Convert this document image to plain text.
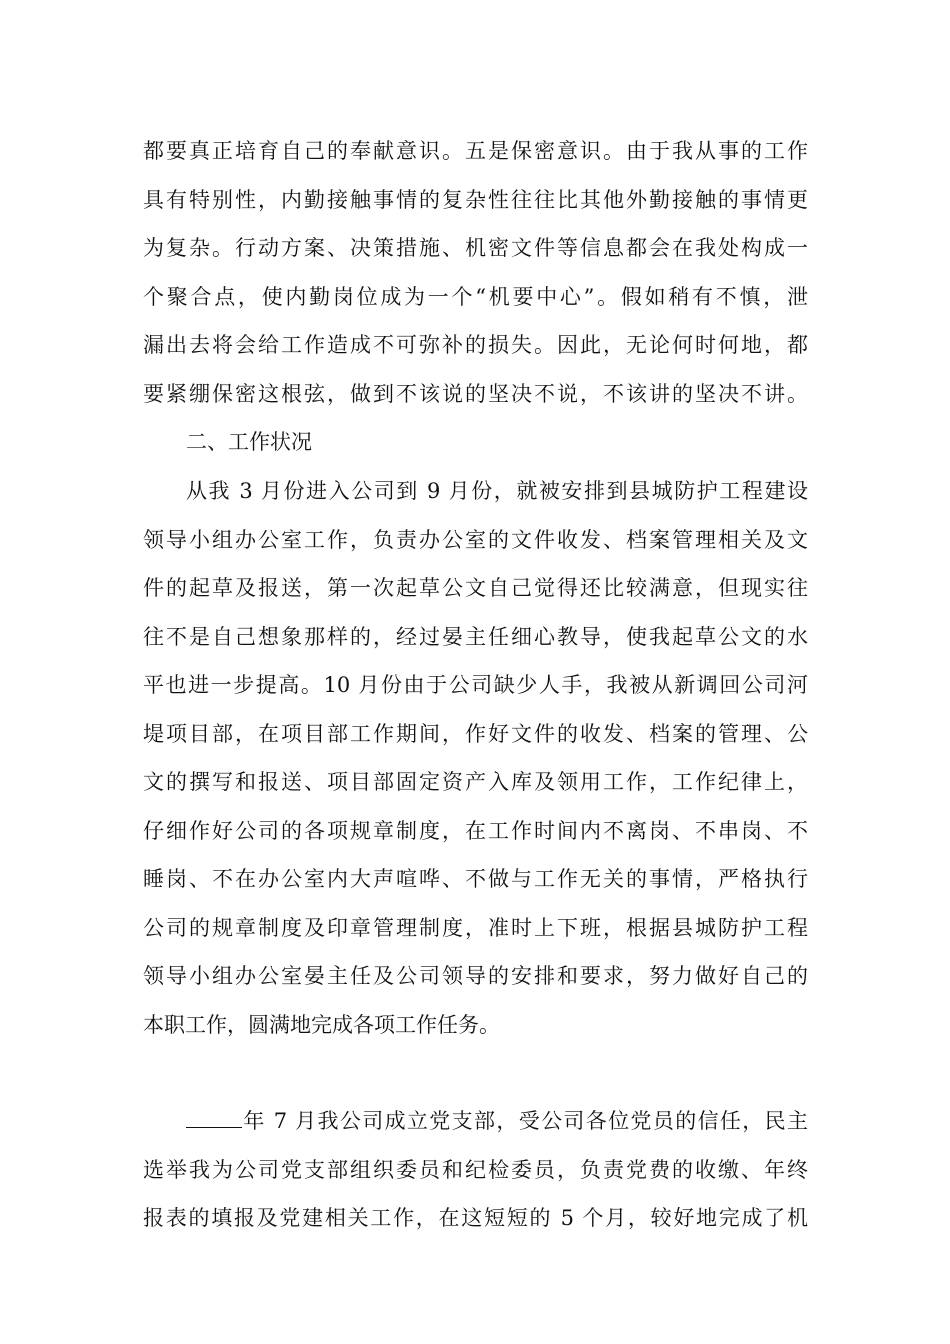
都要真正培育自己的奉献意识。五是保密意识。由于我从事的工作
具有特别性，内勤接触事情的复杂性往往比其他外勤接触的事情更
为复杂。行动方案、决策措施、机密文件等信息都会在我处构成一
个聚合点，使内勤岗位成为一个“机要中心”。假如稍有不慎，泄
漏出去将会给工作造成不可弥补的损失。因此，无论何时何地，都
要紧绷保密这根弦，做到不该说的坚决不说，不该讲的坚决不讲。
二、工作状况
从我 3 月份进入公司到 9 月份，就被安排到县城防护工程建设
领导小组办公室工作，负责办公室的文件收发、档案管理相关及文
件的起草及报送，第一次起草公文自己觉得还比较满意，但现实往
往不是自己想象那样的，经过晏主任细心教导，使我起草公文的水
平也进一步提高。10 月份由于公司缺少人手，我被从新调回公司河
堤项目部，在项目部工作期间，作好文件的收发、档案的管理、公
文的撰写和报送、项目部固定资产入库及领用工作，工作纪律上，
仔细作好公司的各项规章制度，在工作时间内不离岗、不串岗、不
睡岗、不在办公室内大声喧哗、不做与工作无关的事情，严格执行
公司的规章制度及印章管理制度，准时上下班，根据县城防护工程
领导小组办公室晏主任及公司领导的安排和要求，努力做好自己的
本职工作，圆满地完成各项工作任务。
年 7 月我公司成立党支部，受公司各位党员的信任，民主
选举我为公司党支部组织委员和纪检委员，负责党费的收缴、年终
报表的填报及党建相关工作，在这短短的 5 个月，较好地完成了机
